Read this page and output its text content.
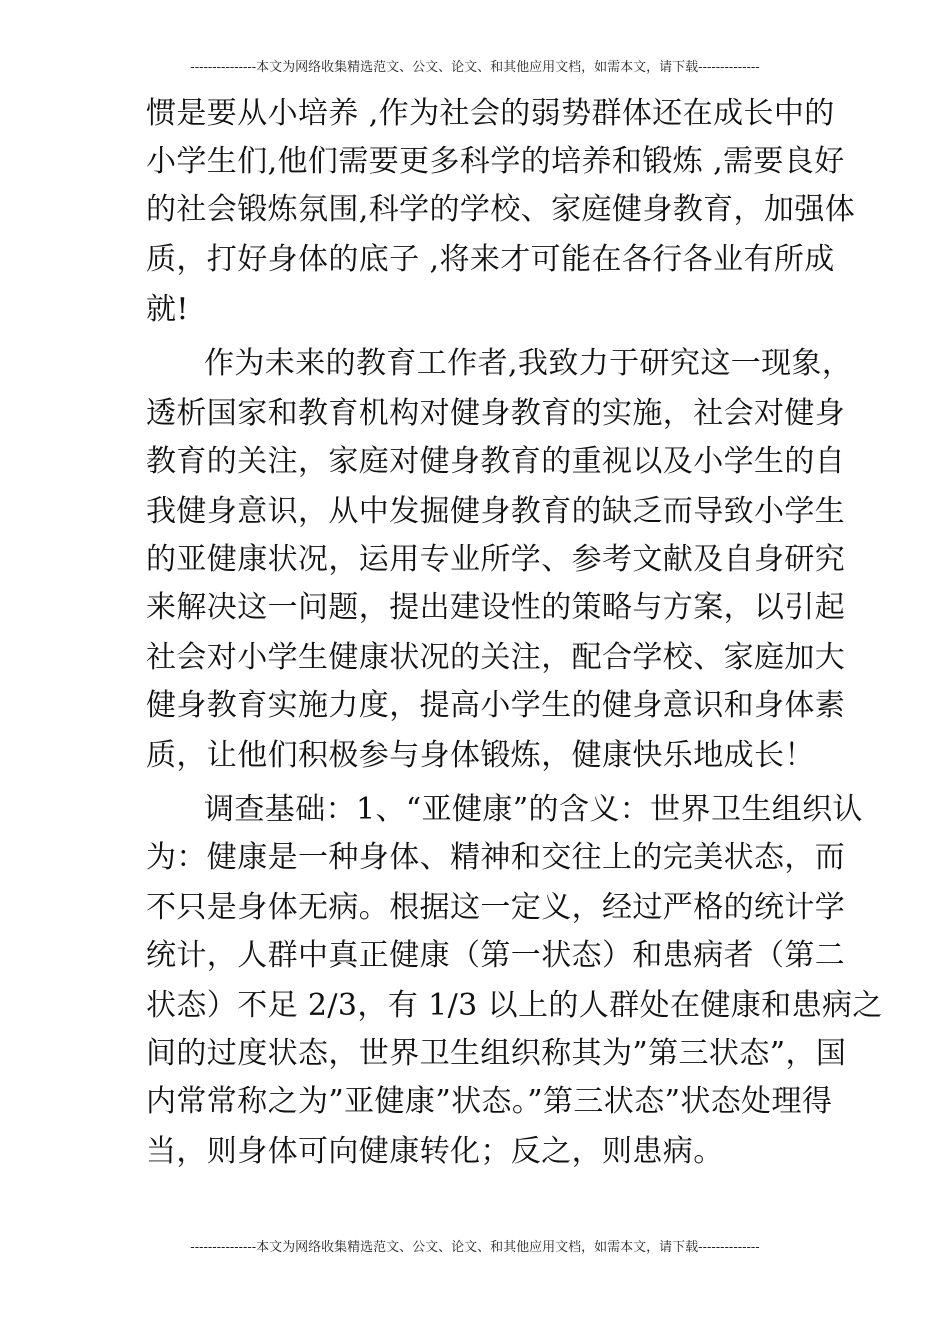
---------------本文为网络收集精选范文、公文、论文、和其他应用文档，如需本文，请下载--------------
惯是要从小培养 ,作为社会的弱势群体还在成长中的
小学生们,他们需要更多科学的培养和锻炼 ,需要良好
的社会锻炼氛围,科学的学校、家庭健身教育，加强体
质，打好身体的底子 ,将来才可能在各行各业有所成
就!
作为未来的教育工作者,我致力于研究这一现象，
透析国家和教育机构对健身教育的实施，社会对健身
教育的关注，家庭对健身教育的重视以及小学生的自
我健身意识，从中发掘健身教育的缺乏而导致小学生
的亚健康状况，运用专业所学、参考文献及自身研究
来解决这一问题，提出建设性的策略与方案，以引起
社会对小学生健康状况的关注，配合学校、家庭加大
健身教育实施力度，提高小学生的健身意识和身体素
质，让他们积极参与身体锻炼，健康快乐地成长！
调查基础：1、“亚健康”的含义：世界卫生组织认
为：健康是一种身体、精神和交往上的完美状态，而
不只是身体无病。根据这一定义，经过严格的统计学
统计，人群中真正健康（第一状态）和患病者（第二
状态）不足 2/3，有 1/3 以上的人群处在健康和患病之
间的过度状态，世界卫生组织称其为”第三状态”，国
内常常称之为”亚健康”状态。”第三状态”状态处理得
当，则身体可向健康转化；反之，则患病。
---------------本文为网络收集精选范文、公文、论文、和其他应用文档，如需本文，请下载--------------
